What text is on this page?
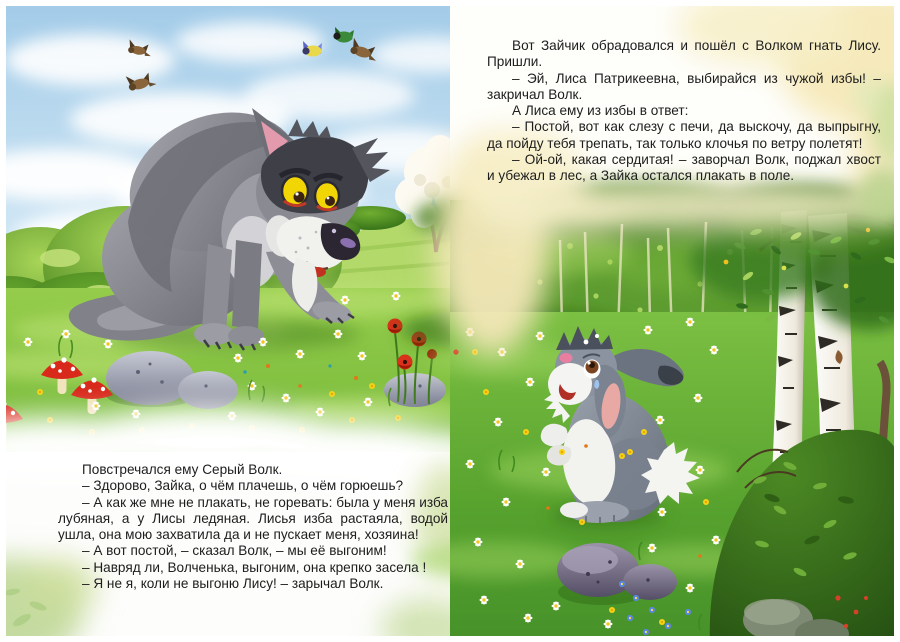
Вот Зайчик обрадовался и пошёл с Волком гнать Лису. Пришли.

– Эй, Лиса Патрикеевна, выбирайся из чужой избы! – закричал Волк.

А Лиса ему из избы в ответ:

– Постой, вот как слезу с печи, да выскочу, да выпрыгну, да пойду тебя трепать, так только клочья по ветру полетят!

– Ой-ой, какая сердитая! – заворчал Волк, поджал хвост и убежал в лес, а Зайка остался плакать в поле.

Повстречался ему Серый Волк.

– Здорово, Зайка, о чём плачешь, о чём горюешь?

– А как же мне не плакать, не горевать: была у меня изба лубяная, а у Лисы ледяная. Лисья изба растаяла, водой ушла, она мою захватила да и не пускает меня, хозяина!

– А вот постой, – сказал Волк, – мы её выгоним!

– Навряд ли, Волченька, выгоним, она крепко засела !

– Я не я, коли не выгоню Лису! – зарычал Волк.
